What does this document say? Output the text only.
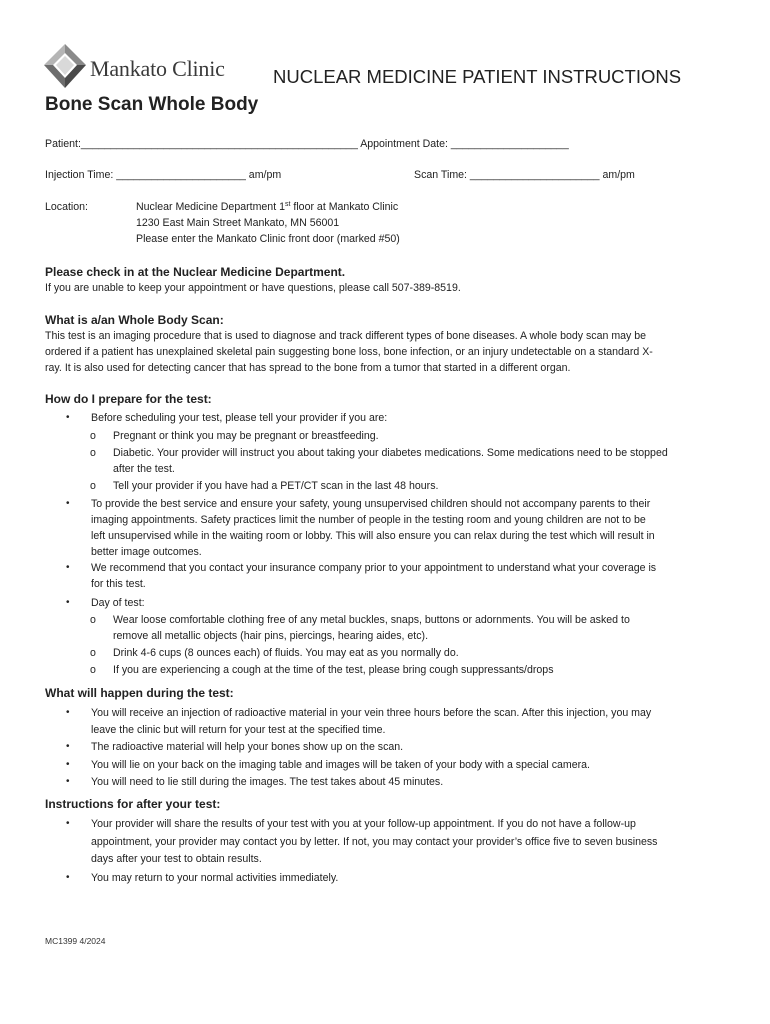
Mankato Clinic	NUCLEAR MEDICINE PATIENT INSTRUCTIONS
Bone Scan Whole Body
Patient:_______________________________________________ Appointment Date: ____________________
Injection Time: ______________________ am/pm	Scan Time: ______________________ am/pm
Location:	Nuclear Medicine Department 1st floor at Mankato Clinic
1230 East Main Street Mankato, MN 56001
Please enter the Mankato Clinic front door (marked #50)
Please check in at the Nuclear Medicine Department.
If you are unable to keep your appointment or have questions, please call 507-389-8519.
What is a/an Whole Body Scan:
This test is an imaging procedure that is used to diagnose and track different types of bone diseases. A whole body scan may be
ordered if a patient has unexplained skeletal pain suggesting bone loss, bone infection, or an injury undetectable on a standard X-
ray. It is also used for detecting cancer that has spread to the bone from a tumor that started in a different organ.
How do I prepare for the test:
• Before scheduling your test, please tell your provider if you are:
o Pregnant or think you may be pregnant or breastfeeding.
o Diabetic. Your provider will instruct you about taking your diabetes medications. Some medications need to be stopped
after the test.
o Tell your provider if you have had a PET/CT scan in the last 48 hours.
• To provide the best service and ensure your safety, young unsupervised children should not accompany parents to their
imaging appointments. Safety practices limit the number of people in the testing room and young children are not to be
left unsupervised while in the waiting room or lobby. This will also ensure you can relax during the test which will result in
better image outcomes.
• We recommend that you contact your insurance company prior to your appointment to understand what your coverage is
for this test.
• Day of test:
o Wear loose comfortable clothing free of any metal buckles, snaps, buttons or adornments. You will be asked to
remove all metallic objects (hair pins, piercings, hearing aides, etc).
o Drink 4-6 cups (8 ounces each) of fluids. You may eat as you normally do.
o If you are experiencing a cough at the time of the test, please bring cough suppressants/drops
What will happen during the test:
• You will receive an injection of radioactive material in your vein three hours before the scan. After this injection, you may
leave the clinic but will return for your test at the specified time.
• The radioactive material will help your bones show up on the scan.
• You will lie on your back on the imaging table and images will be taken of your body with a special camera.
• You will need to lie still during the images. The test takes about 45 minutes.
Instructions for after your test:
• Your provider will share the results of your test with you at your follow-up appointment. If you do not have a follow-up
appointment, your provider may contact you by letter. If not, you may contact your provider’s office five to seven business
days after your test to obtain results.
• You may return to your normal activities immediately.
MC1399 4/2024
